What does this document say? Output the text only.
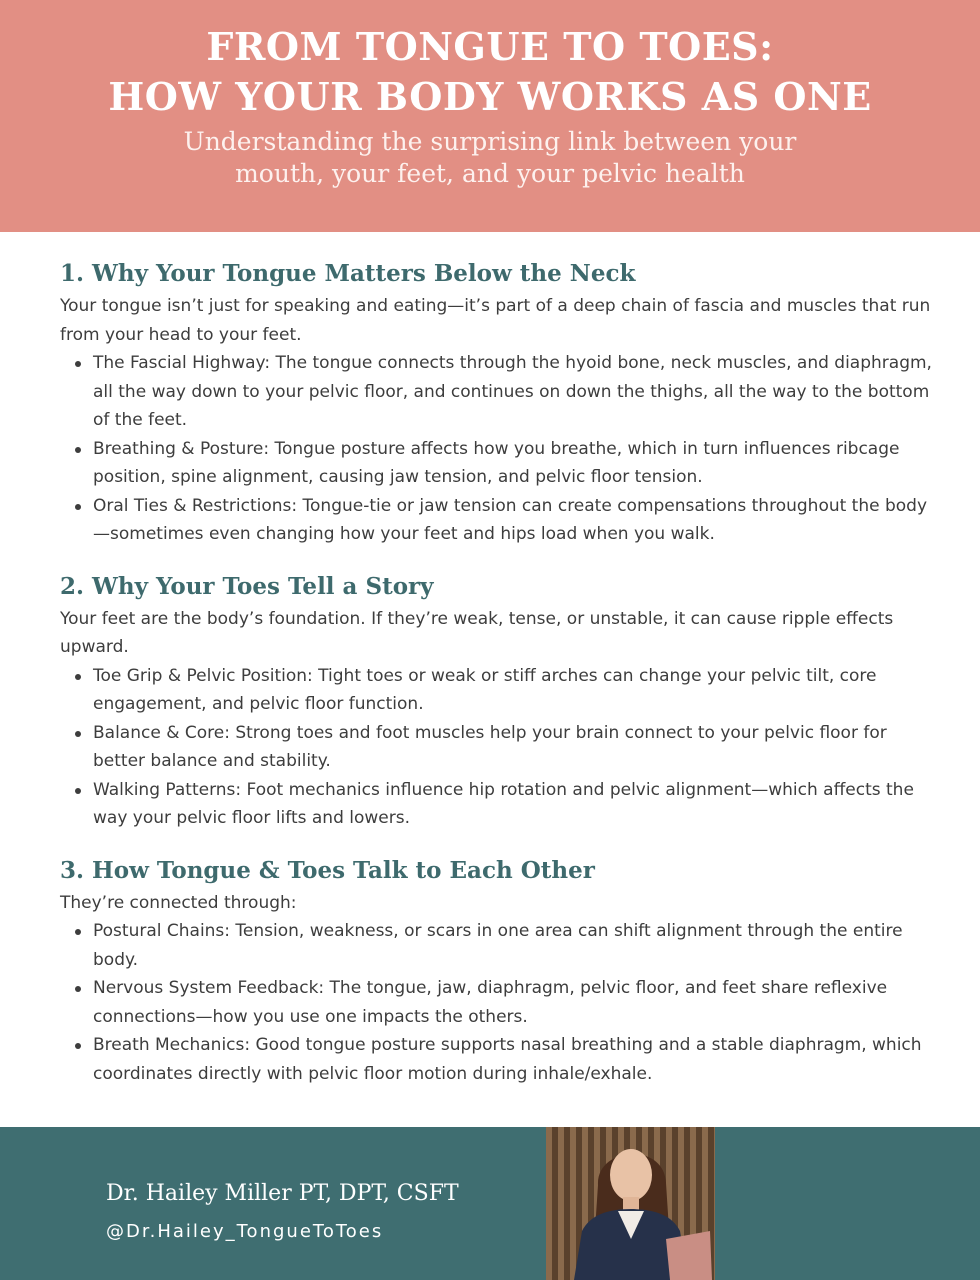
FROM TONGUE TO TOES:
HOW YOUR BODY WORKS AS ONE

Understanding the surprising link between your
mouth, your feet, and your pelvic health

1. Why Your Tongue Matters Below the Neck

Your tongue isn’t just for speaking and eating—it’s part of a deep chain of fascia and muscles that run from your head to your feet.

The Fascial Highway: The tongue connects through the hyoid bone, neck muscles, and diaphragm, all the way down to your pelvic floor, and continues on down the thighs, all the way to the bottom of the feet.
Breathing & Posture: Tongue posture affects how you breathe, which in turn influences ribcage position, spine alignment, causing jaw tension, and pelvic floor tension.
Oral Ties & Restrictions: Tongue-tie or jaw tension can create compensations throughout the body—sometimes even changing how your feet and hips load when you walk.
2. Why Your Toes Tell a Story

Your feet are the body’s foundation. If they’re weak, tense, or unstable, it can cause ripple effects upward.

Toe Grip & Pelvic Position: Tight toes or weak or stiff arches can change your pelvic tilt, core engagement, and pelvic floor function.
Balance & Core: Strong toes and foot muscles help your brain connect to your pelvic floor for better balance and stability.
Walking Patterns: Foot mechanics influence hip rotation and pelvic alignment—which affects the way your pelvic floor lifts and lowers.
3. How Tongue & Toes Talk to Each Other

They’re connected through:

Postural Chains: Tension, weakness, or scars in one area can shift alignment through the entire body.
Nervous System Feedback: The tongue, jaw, diaphragm, pelvic floor, and feet share reflexive connections—how you use one impacts the others.
Breath Mechanics: Good tongue posture supports nasal breathing and a stable diaphragm, which coordinates directly with pelvic floor motion during inhale/exhale.

Dr. Hailey Miller PT, DPT, CSFT

@Dr.Hailey_TongueToToes
